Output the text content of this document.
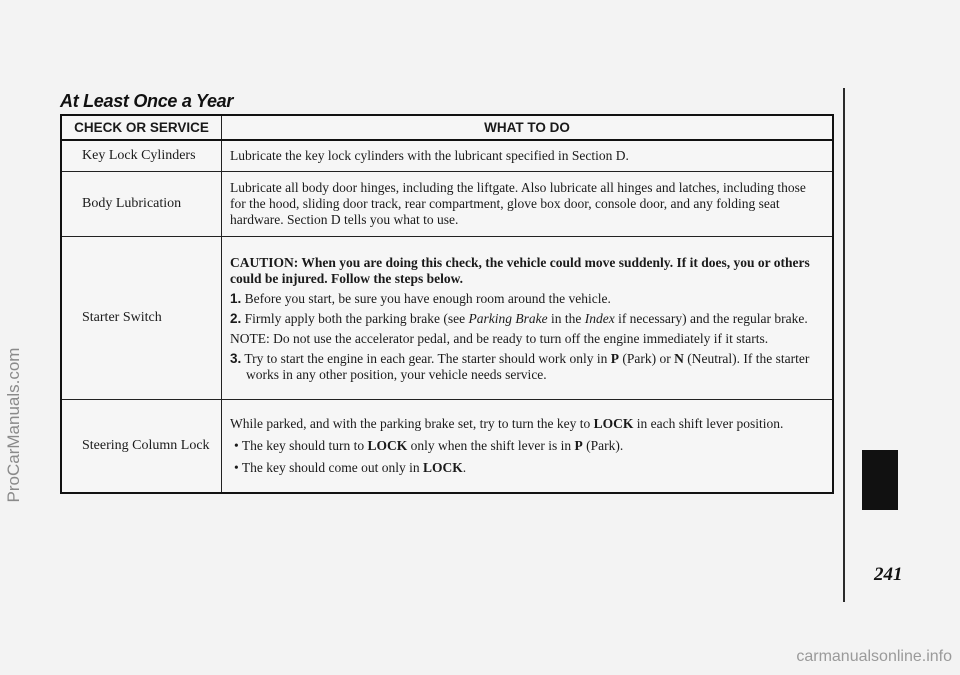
At Least Once a Year
CHECK OR SERVICE	WHAT TO DO
Key Lock Cylinders	Lubricate the key lock cylinders with the lubricant specified in Section D.
Body Lubrication	Lubricate all body door hinges, including the liftgate. Also lubricate all hinges and latches, including those for the hood, sliding door track, rear compartment, glove box door, console door, and any folding seat hardware. Section D tells you what to use.
Starter Switch	CAUTION: When you are doing this check, the vehicle could move suddenly. If it does, you or others could be injured. Follow the steps below.

1. Before you start, be sure you have enough room around the vehicle.

2. Firmly apply both the parking brake (see Parking Brake in the Index if necessary) and the regular brake.

NOTE: Do not use the accelerator pedal, and be ready to turn off the engine immediately if it starts.

3. Try to start the engine in each gear. The starter should work only in P (Park) or N (Neutral). If the starter works in any other position, your vehicle needs service.

Steering Column Lock	While parked, and with the parking brake set, try to turn the key to LOCK in each shift lever position.

• The key should turn to LOCK only when the shift lever is in P (Park).

• The key should come out only in LOCK.

241
ProCarManuals.com
carmanualsonline.info
